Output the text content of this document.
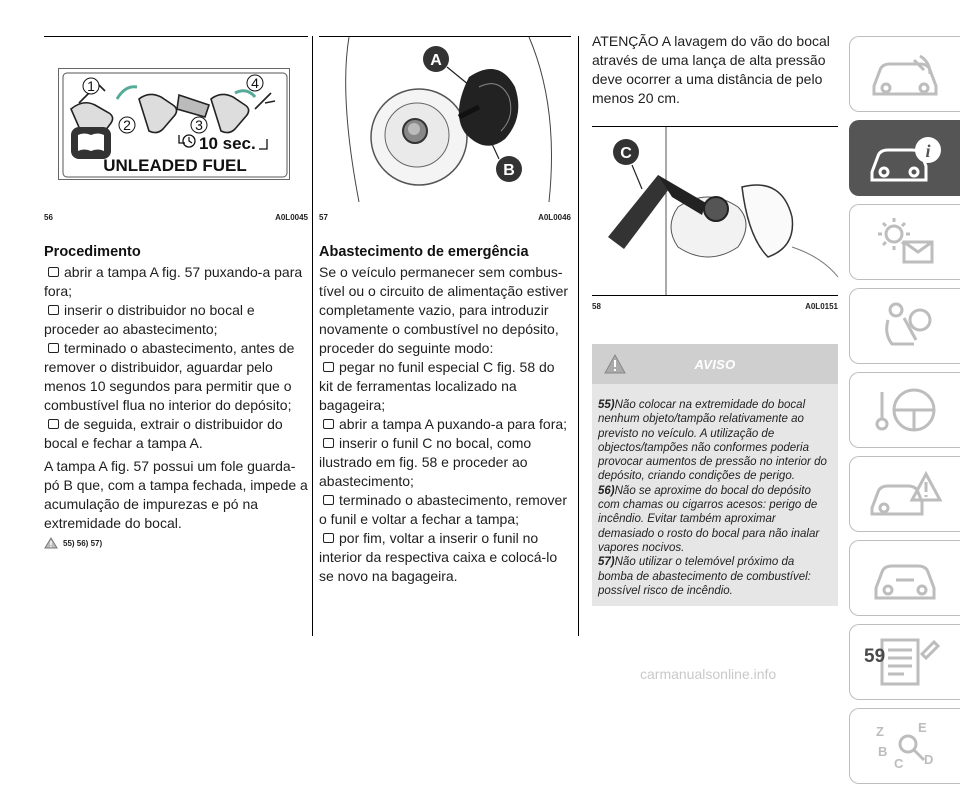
1
2	3
4
10 sec.
UNLEADED FUEL
56	A0L0045
A
B
57	A0L0046
C
58	A0L0151
Procedimento
abrir a tampa A fig. 57 puxando-a para fora;
inserir o distribuidor no bocal e proceder ao abastecimento;
terminado o abastecimento, antes de remover o distribuidor, aguardar pelo menos 10 segundos para permitir que o combustível flua no interior do depósito;
de seguida, extrair o distribuidor do bocal e fechar a tampa A.

A tampa A fig. 57 possui um fole guarda-pó B que, com a tampa fechada, impede a acumulação de impurezas e pó na extremidade do bocal.

55) 56) 57)
Abastecimento de emergência
Se o veículo permanecer sem combus-tível ou o circuito de alimentação estiver completamente vazio, para introduzir novamente o combustível no depósito, proceder do seguinte modo:
pegar no funil especial C fig. 58 do kit de ferramentas localizado na bagageira;
abrir a tampa A puxando-a para fora;
inserir o funil C no bocal, como ilustrado em fig. 58 e proceder ao abastecimento;
terminado o abastecimento, remover o funil e voltar a fechar a tampa;
por fim, voltar a inserir o funil no interior da respectiva caixa e colocá-lo se novo na bagageira.
ATENÇÃO A lavagem do vão do bocal através de uma lança de alta pressão deve ocorrer a uma distância de pelo menos 20 cm.
AVISO
55)Não colocar na extremidade do bocal nenhum objeto/tampão relativamente ao previsto no veículo. A utilização de objectos/tampões não conformes poderia provocar aumentos de pressão no interior do depósito, criando condições de perigo.
56)Não se aproxime do bocal do depósito com chamas ou cigarros acesos: perigo de incêndio. Evitar também aproximar demasiado o rosto do bocal para não inalar vapores nocivos.
57)Não utilizar o telemóvel próximo da bomba de abastecimento de combustível: possível risco de incêndio.
i
Z	E
B
C D
59
carmanualsonline.info
